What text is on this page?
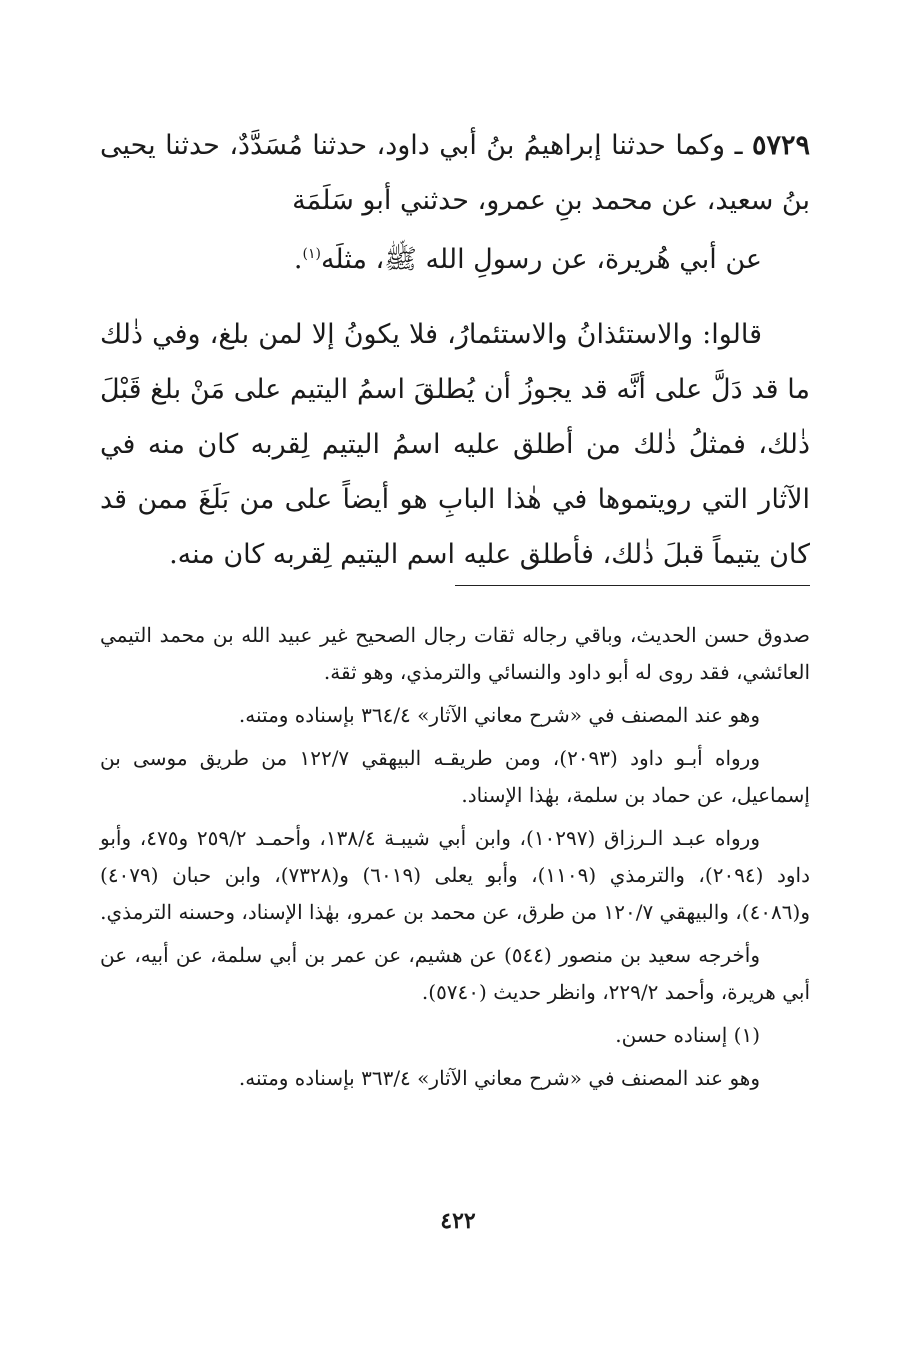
٥٧٢٩ ـ وكما حدثنا إبراهيمُ بنُ أبي داود، حدثنا مُسَدَّدٌ، حدثنا يحيى بنُ سعيد، عن محمد بنِ عمرو، حدثني أبو سَلَمَة

عن أبي هُريرة، عن رسولِ الله ﷺ، مثلَه$^{(١)}$.

قالوا: والاستئذانُ والاستئمارُ، فلا يكونُ إلا لمن بلغ، وفي ذٰلك ما قد دَلَّ على أنَّه قد يجوزُ أن يُطلقَ اسمُ اليتيم على مَنْ بلغ قَبْلَ ذٰلك، فمثلُ ذٰلك من أطلق عليه اسمُ اليتيم لِقربه كان منه في الآثار التي رويتموها في هٰذا البابِ هو أيضاً على من بَلَغَ ممن قد كان يتيماً قبلَ ذٰلك، فأطلق عليه اسم اليتيم لِقربه كان منه.

صدوق حسن الحديث، وباقي رجاله ثقات رجال الصحيح غير عبيد الله بن محمد التيمي العائشي، فقد روى له أبو داود والنسائي والترمذي، وهو ثقة.

وهو عند المصنف في «شرح معاني الآثار» ٣٦٤/٤ بإسناده ومتنه.

ورواه أبـو داود (٢٠٩٣)، ومن طريقـه البيهقي ١٢٢/٧ من طريق موسى بن إسماعيل، عن حماد بن سلمة، بهٰذا الإسناد.

ورواه عبـد الـرزاق (١٠٢٩٧)، وابن أبي شيبـة ١٣٨/٤، وأحمـد ٢٥٩/٢ و٤٧٥، وأبو داود (٢٠٩٤)، والترمذي (١١٠٩)، وأبو يعلى (٦٠١٩) و(٧٣٢٨)، وابن حبان (٤٠٧٩) و(٤٠٨٦)، والبيهقي ١٢٠/٧ من طرق، عن محمد بن عمرو، بهٰذا الإسناد، وحسنه الترمذي.

وأخرجه سعيد بن منصور (٥٤٤) عن هشيم، عن عمر بن أبي سلمة، عن أبيه، عن أبي هريرة، وأحمد ٢٢٩/٢، وانظر حديث (٥٧٤٠).

(١) إسناده حسن.

وهو عند المصنف في «شرح معاني الآثار» ٣٦٣/٤ بإسناده ومتنه.

٤٢٢
